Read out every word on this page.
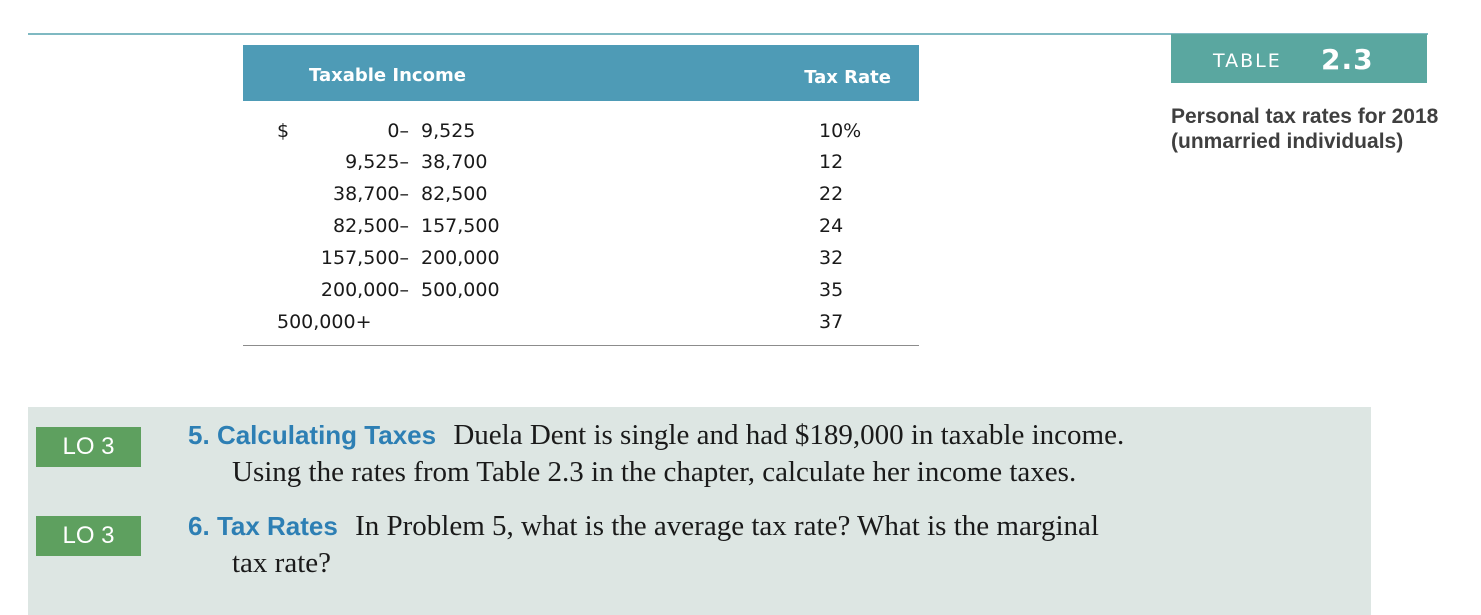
Taxable Income	Tax Rate
$	0– 9,525	10%
9,525– 38,700	12
38,700– 82,500	22
82,500– 157,500	24
157,500– 200,000	32
200,000– 500,000	35
500,000+	37
TABLE 2.3
Personal tax rates for 2018 (unmarried individuals)
LO 3	5. Calculating Taxes Duela Dent is single and had $189,000 in taxable income.
Using the rates from Table 2.3 in the chapter, calculate her income taxes.
LO 3	6. Tax Rates In Problem 5, what is the average tax rate? What is the marginal
tax rate?
